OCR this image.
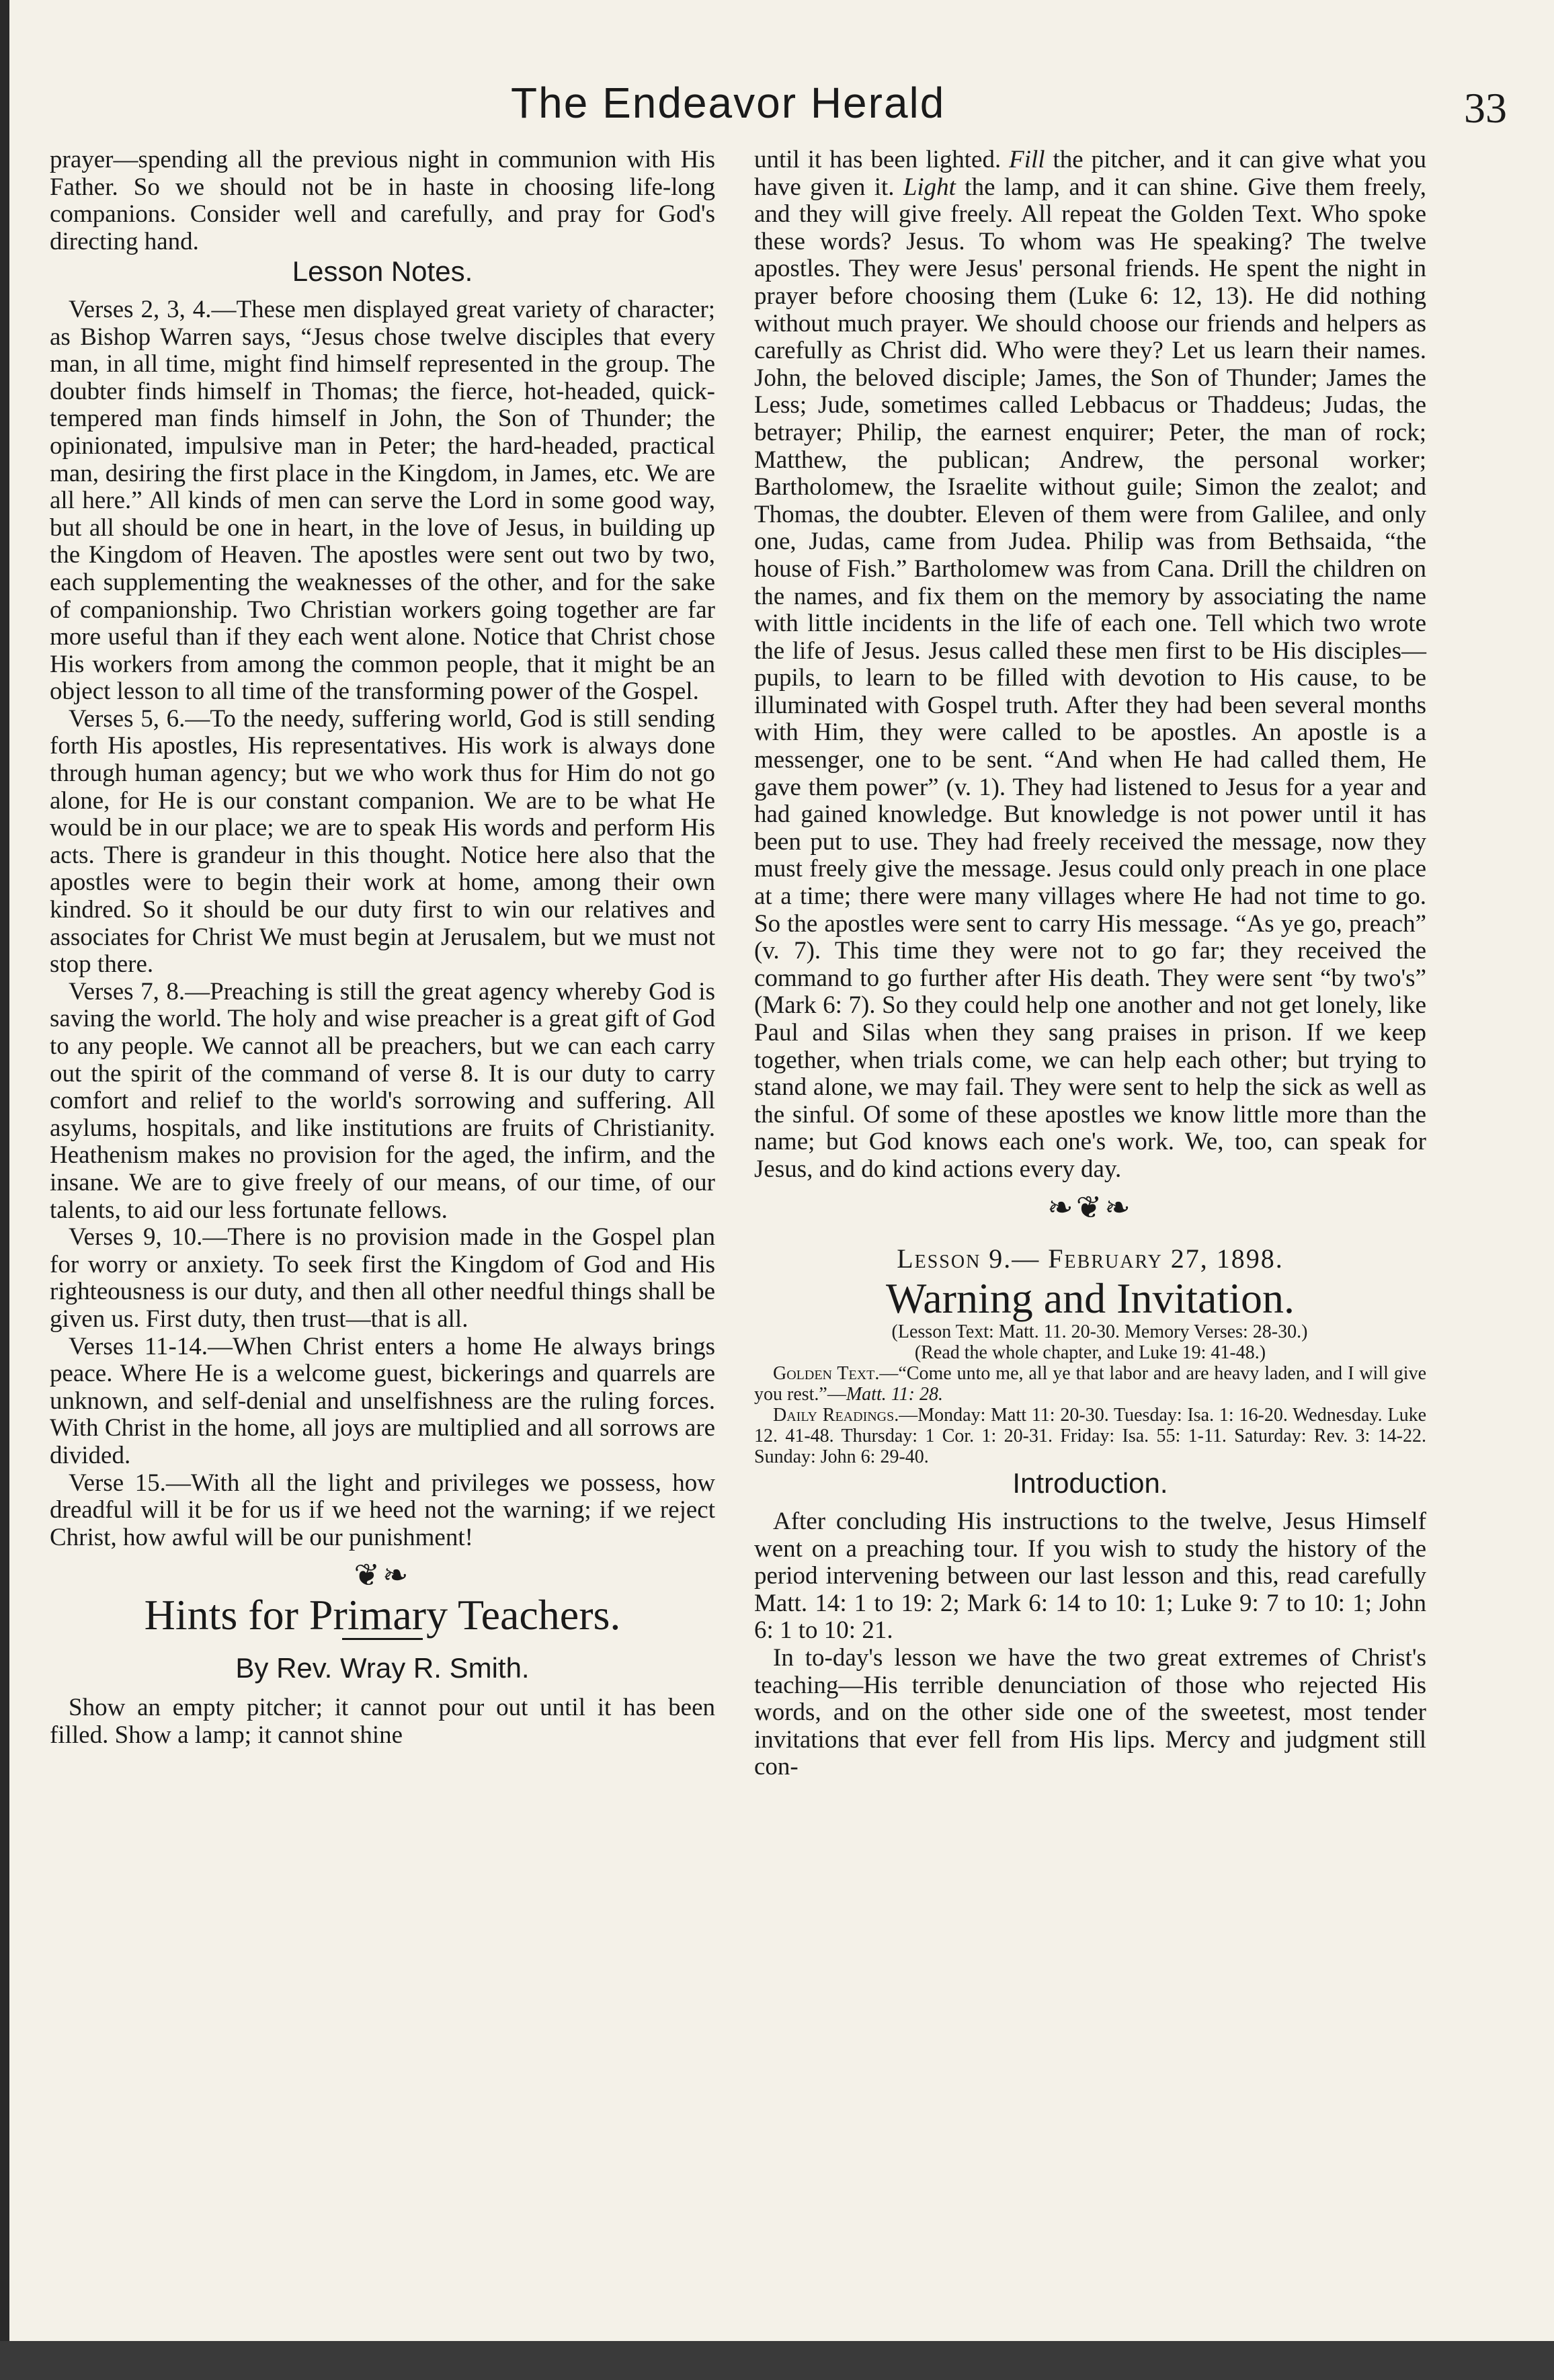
The Endeavor Herald	33

prayer—spending all the previous night in communion with His Father. So we should not be in haste in choosing life-long companions. Consider well and carefully, and pray for God's directing hand.

Lesson Notes.

Verses 2, 3, 4.—These men displayed great variety of character; as Bishop Warren says, “Jesus chose twelve disciples that every man, in all time, might find himself represented in the group. The doubter finds himself in Thomas; the fierce, hot-headed, quick-tempered man finds himself in John, the Son of Thunder; the opinionated, impulsive man in Peter; the hard-headed, practical man, desiring the first place in the Kingdom, in James, etc. We are all here.” All kinds of men can serve the Lord in some good way, but all should be one in heart, in the love of Jesus, in building up the Kingdom of Heaven. The apostles were sent out two by two, each supplementing the weaknesses of the other, and for the sake of companionship. Two Christian workers going together are far more useful than if they each went alone. Notice that Christ chose His workers from among the common people, that it might be an object lesson to all time of the transforming power of the Gospel.

Verses 5, 6.—To the needy, suffering world, God is still sending forth His apostles, His representatives. His work is always done through human agency; but we who work thus for Him do not go alone, for He is our constant companion. We are to be what He would be in our place; we are to speak His words and perform His acts. There is grandeur in this thought. Notice here also that the apostles were to begin their work at home, among their own kindred. So it should be our duty first to win our relatives and associates for Christ We must begin at Jerusalem, but we must not stop there.

Verses 7, 8.—Preaching is still the great agency whereby God is saving the world. The holy and wise preacher is a great gift of God to any people. We cannot all be preachers, but we can each carry out the spirit of the command of verse 8. It is our duty to carry comfort and relief to the world's sorrowing and suffering. All asylums, hospitals, and like institutions are fruits of Christianity. Heathenism makes no provision for the aged, the infirm, and the insane. We are to give freely of our means, of our time, of our talents, to aid our less fortunate fellows.

Verses 9, 10.—There is no provision made in the Gospel plan for worry or anxiety. To seek first the Kingdom of God and His righteousness is our duty, and then all other needful things shall be given us. First duty, then trust—that is all.

Verses 11-14.—When Christ enters a home He always brings peace. Where He is a welcome guest, bickerings and quarrels are unknown, and self-denial and unselfishness are the ruling forces. With Christ in the home, all joys are multiplied and all sorrows are divided.

Verse 15.—With all the light and privileges we possess, how dreadful will it be for us if we heed not the warning; if we reject Christ, how awful will be our punishment!

❦❧
Hints for Primary Teachers.
By Rev. Wray R. Smith.

Show an empty pitcher; it cannot pour out until it has been filled. Show a lamp; it cannot shine

until it has been lighted. Fill the pitcher, and it can give what you have given it. Light the lamp, and it can shine. Give them freely, and they will give freely. All repeat the Golden Text. Who spoke these words? Jesus. To whom was He speaking? The twelve apostles. They were Jesus' personal friends. He spent the night in prayer before choosing them (Luke 6: 12, 13). He did nothing without much prayer. We should choose our friends and helpers as carefully as Christ did. Who were they? Let us learn their names. John, the beloved disciple; James, the Son of Thunder; James the Less; Jude, sometimes called Lebbacus or Thaddeus; Judas, the betrayer; Philip, the earnest enquirer; Peter, the man of rock; Matthew, the publican; Andrew, the personal worker; Bartholomew, the Israelite without guile; Simon the zealot; and Thomas, the doubter. Eleven of them were from Galilee, and only one, Judas, came from Judea. Philip was from Bethsaida, “the house of Fish.” Bartholomew was from Cana. Drill the children on the names, and fix them on the memory by associating the name with little incidents in the life of each one. Tell which two wrote the life of Jesus. Jesus called these men first to be His disciples—pupils, to learn to be filled with devotion to His cause, to be illuminated with Gospel truth. After they had been several months with Him, they were called to be apostles. An apostle is a messenger, one to be sent. “And when He had called them, He gave them power” (v. 1). They had listened to Jesus for a year and had gained knowledge. But knowledge is not power until it has been put to use. They had freely received the message, now they must freely give the message. Jesus could only preach in one place at a time; there were many villages where He had not time to go. So the apostles were sent to carry His message. “As ye go, preach” (v. 7). This time they were not to go far; they received the command to go further after His death. They were sent “by two's” (Mark 6: 7). So they could help one another and not get lonely, like Paul and Silas when they sang praises in prison. If we keep together, when trials come, we can help each other; but trying to stand alone, we may fail. They were sent to help the sick as well as the sinful. Of some of these apostles we know little more than the name; but God knows each one's work. We, too, can speak for Jesus, and do kind actions every day.

❧❦❧
Lesson 9.— February 27, 1898.
Warning and Invitation.

(Lesson Text: Matt. 11. 20-30. Memory Verses: 28-30.)
(Read the whole chapter, and Luke 19: 41-48.)

Golden Text.—“Come unto me, all ye that labor and are heavy laden, and I will give you rest.”—Matt. 11: 28.

Daily Readings.—Monday: Matt 11: 20-30. Tuesday: Isa. 1: 16-20. Wednesday. Luke 12. 41-48. Thursday: 1 Cor. 1: 20-31. Friday: Isa. 55: 1-11. Saturday: Rev. 3: 14-22. Sunday: John 6: 29-40.

Introduction.

After concluding His instructions to the twelve, Jesus Himself went on a preaching tour. If you wish to study the history of the period intervening between our last lesson and this, read carefully Matt. 14: 1 to 19: 2; Mark 6: 14 to 10: 1; Luke 9: 7 to 10: 1; John 6: 1 to 10: 21.

In to-day's lesson we have the two great extremes of Christ's teaching—His terrible denunciation of those who rejected His words, and on the other side one of the sweetest, most tender invitations that ever fell from His lips. Mercy and judgment still con-
